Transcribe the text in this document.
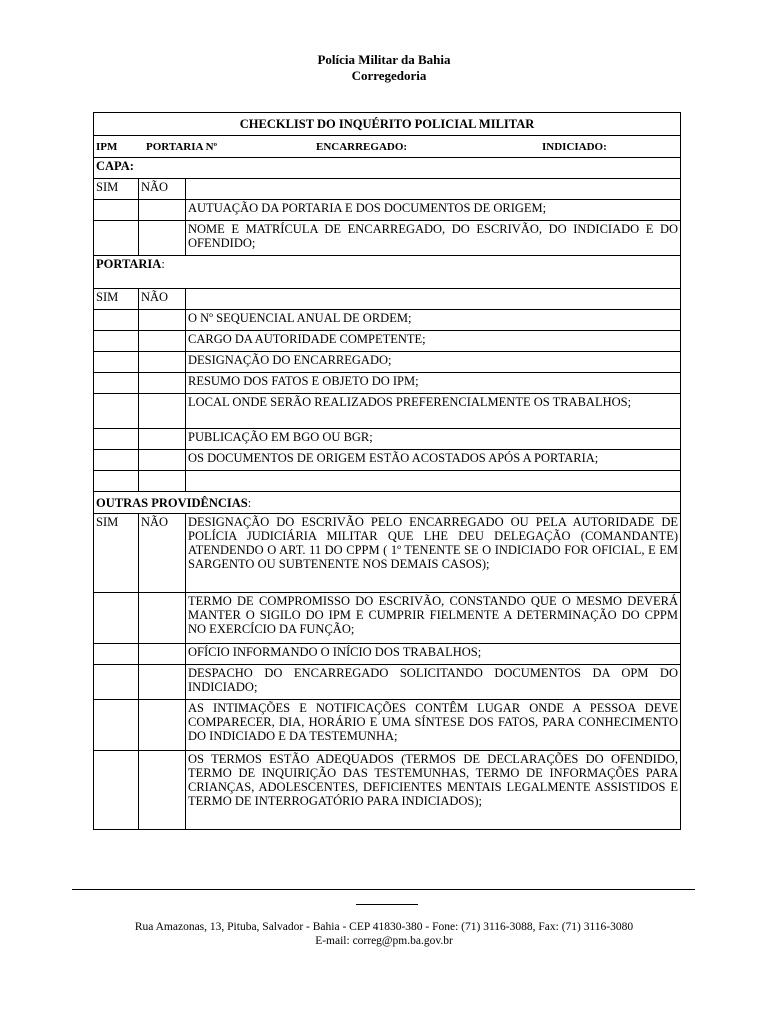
Polícia Militar da Bahia
Corregedoria
CHECKLIST DO INQUÉRITO POLICIAL MILITAR		
IPM PORTARIA Nº ENCARREGADO: INDICIADO:		
CAPA:		
SIM	NÃO	
		AUTUAÇÃO DA PORTARIA E DOS DOCUMENTOS DE ORIGEM;
		NOME E MATRÍCULA DE ENCARREGADO, DO ESCRIVÃO, DO INDICIADO E DO OFENDIDO;
PORTARIA:		
SIM	NÃO	
		O Nº SEQUENCIAL ANUAL DE ORDEM;
		CARGO DA AUTORIDADE COMPETENTE;
		DESIGNAÇÃO DO ENCARREGADO;
		RESUMO DOS FATOS E OBJETO DO IPM;
		LOCAL ONDE SERÃO REALIZADOS PREFERENCIALMENTE OS TRABALHOS;
		PUBLICAÇÃO EM BGO OU BGR;
		OS DOCUMENTOS DE ORIGEM ESTÃO ACOSTADOS APÓS A PORTARIA;

OUTRAS PROVIDÊNCIAS:		
SIM	NÃO	DESIGNAÇÃO DO ESCRIVÃO PELO ENCARREGADO OU PELA AUTORIDADE DE POLÍCIA JUDICIÁRIA MILITAR QUE LHE DEU DELEGAÇÃO (COMANDANTE) ATENDENDO O ART. 11 DO CPPM ( 1º TENENTE SE O INDICIADO FOR OFICIAL, E EM SARGENTO OU SUBTENENTE NOS DEMAIS CASOS);
		TERMO DE COMPROMISSO DO ESCRIVÃO, CONSTANDO QUE O MESMO DEVERÁ MANTER O SIGILO DO IPM E CUMPRIR FIELMENTE A DETERMINAÇÃO DO CPPM NO EXERCÍCIO DA FUNÇÃO;
		OFÍCIO INFORMANDO O INÍCIO DOS TRABALHOS;
		DESPACHO DO ENCARREGADO SOLICITANDO DOCUMENTOS DA OPM DO INDICIADO;
		AS INTIMAÇÕES E NOTIFICAÇÕES CONTÊM LUGAR ONDE A PESSOA DEVE COMPARECER, DIA, HORÁRIO E UMA SÍNTESE DOS FATOS, PARA CONHECIMENTO DO INDICIADO E DA TESTEMUNHA;
		OS TERMOS ESTÃO ADEQUADOS (TERMOS DE DECLARAÇÕES DO OFENDIDO, TERMO DE INQUIRIÇÃO DAS TESTEMUNHAS, TERMO DE INFORMAÇÕES PARA CRIANÇAS, ADOLESCENTES, DEFICIENTES MENTAIS LEGALMENTE ASSISTIDOS E TERMO DE INTERROGATÓRIO PARA INDICIADOS);
Rua Amazonas, 13, Pituba, Salvador - Bahia - CEP 41830-380 - Fone: (71) 3116-3088, Fax: (71) 3116-3080
E-mail: correg@pm.ba.gov.br
